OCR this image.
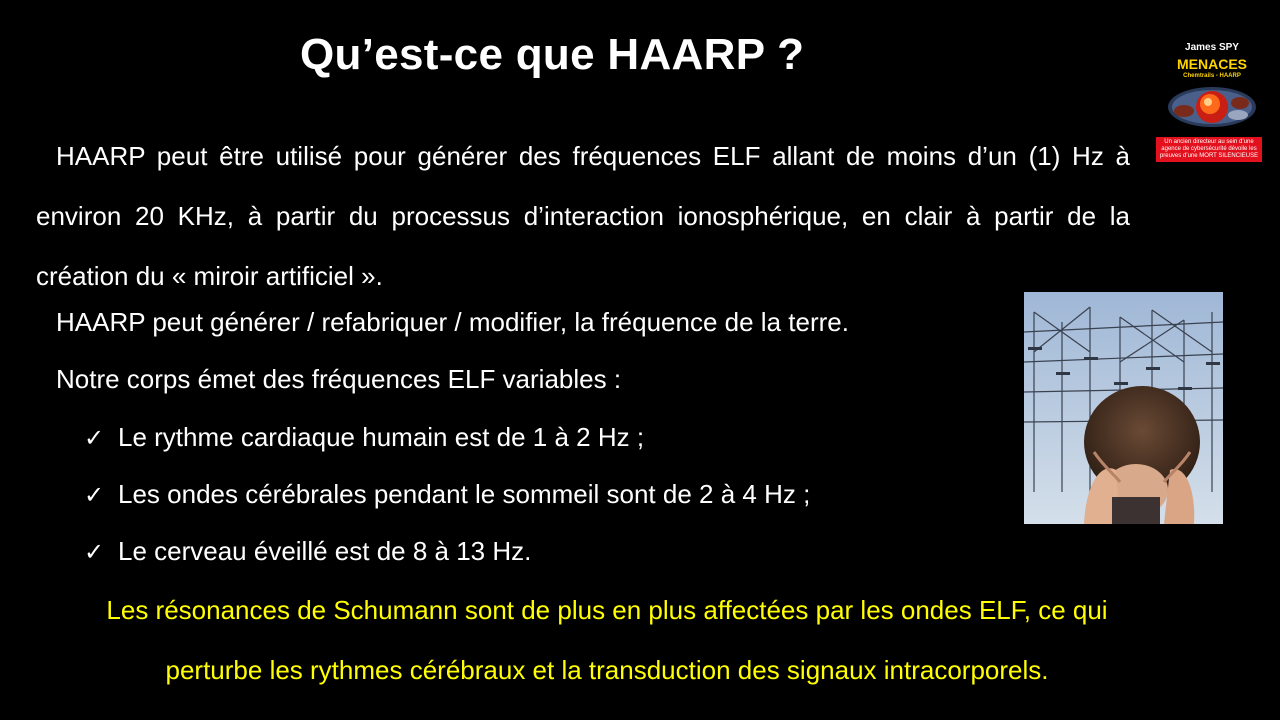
Qu’est-ce que HAARP ?
HAARP peut être utilisé pour générer des fréquences ELF allant de moins d’un (1) Hz à environ 20 KHz, à partir du processus d’interaction ionosphérique, en clair à partir de la création du « miroir artificiel ».
HAARP peut générer / refabriquer / modifier, la fréquence de la terre.
Notre corps émet des fréquences ELF variables :
✓ Le rythme cardiaque humain est de 1 à 2 Hz ;
✓ Les ondes cérébrales pendant le sommeil sont de 2 à 4 Hz ;
✓ Le cerveau éveillé est de 8 à 13 Hz.
Les résonances de Schumann sont de plus en plus affectées par les ondes ELF, ce qui perturbe les rythmes cérébraux et la transduction des signaux intracorporels.
James SPY
MENACES
Chemtrails - HAARP
Un ancien directeur au sein d’une agence de cybersécurité dévoile les preuves d’une MORT SILENCIEUSE
